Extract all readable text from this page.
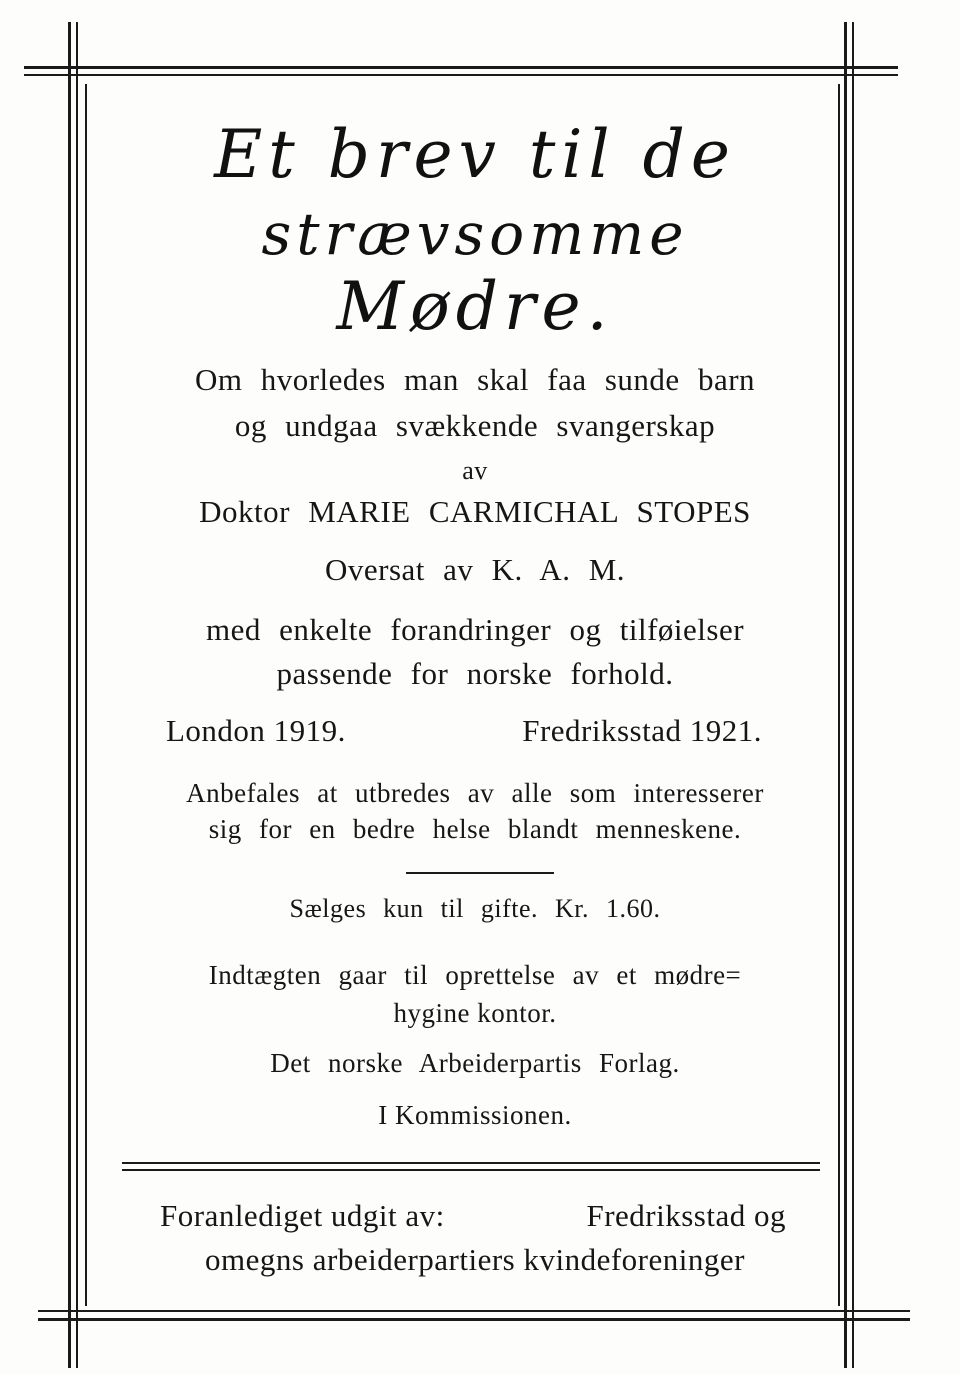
Et brev til de
strævsomme
Mødre.
Om hvorledes man skal faa sunde barn
og undgaa svækkende svangerskap
av
Doktor MARIE CARMICHAL STOPES
Oversat av K. A. M.
med enkelte forandringer og tilføielser
passende for norske forhold.
London 1919.	Fredriksstad 1921.
Anbefales at utbredes av alle som interesserer
sig for en bedre helse blandt menneskene.
Sælges kun til gifte. Kr. 1.60.
Indtægten gaar til oprettelse av et mødre=
hygine kontor.
Det norske Arbeiderpartis Forlag.
I Kommissionen.
Foranlediget udgit av:	Fredriksstad og
omegns arbeiderpartiers kvindeforeninger
